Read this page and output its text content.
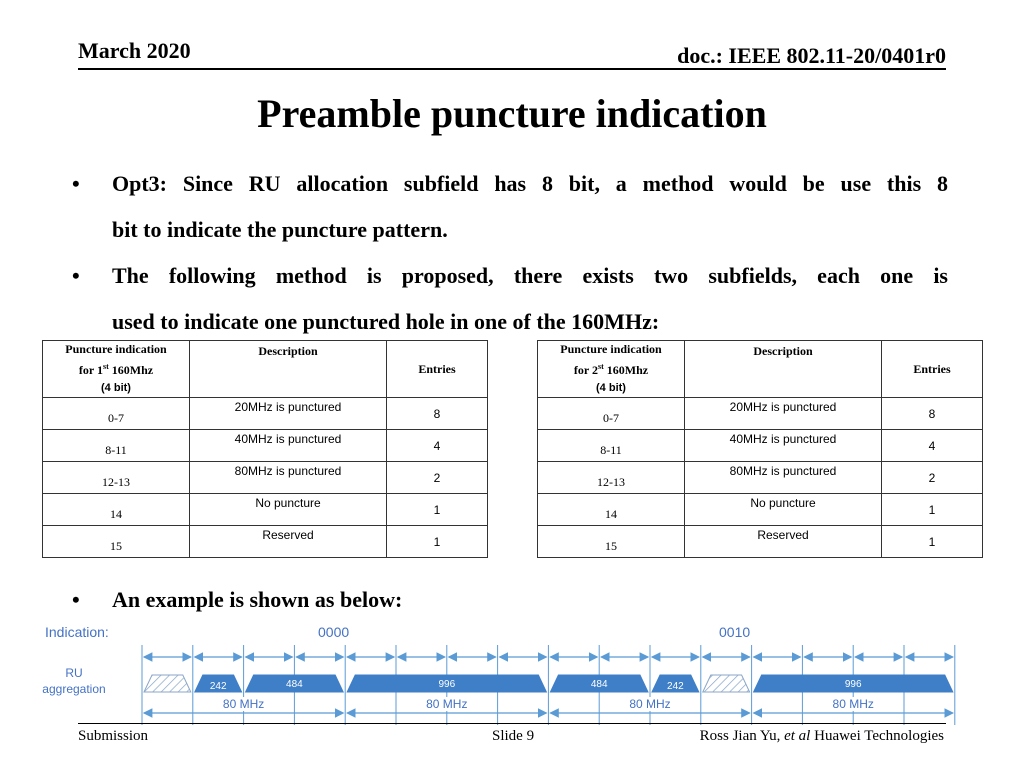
March 2020	doc.: IEEE 802.11-20/0401r0
Preamble puncture indication
• Opt3: Since RU allocation subfield has 8 bit, a method would be use this 8
bit to indicate the puncture pattern.
• The following method is proposed, there exists two subfields, each one is
used to indicate one punctured hole in one of the 160MHz:
Puncture indication
for 1st 160Mhz
(4 bit)	Description	Entries
0-7	20MHz is punctured	8
8-11	40MHz is punctured	4
12-13	80MHz is punctured	2
14	No puncture	1
15	Reserved	1
Puncture indication
for 2st 160Mhz
(4 bit)	Description	Entries
0-7	20MHz is punctured	8
8-11	40MHz is punctured	4
12-13	80MHz is punctured	2
14	No puncture	1
15	Reserved	1
• An example is shown as below:
Indication:	0000	0010
RU
aggregation	242	484	996	484	242	996
80 MHz	80 MHz	80 MHz	80 MHz
Submission	Slide 9	Ross Jian Yu, et al Huawei Technologies
